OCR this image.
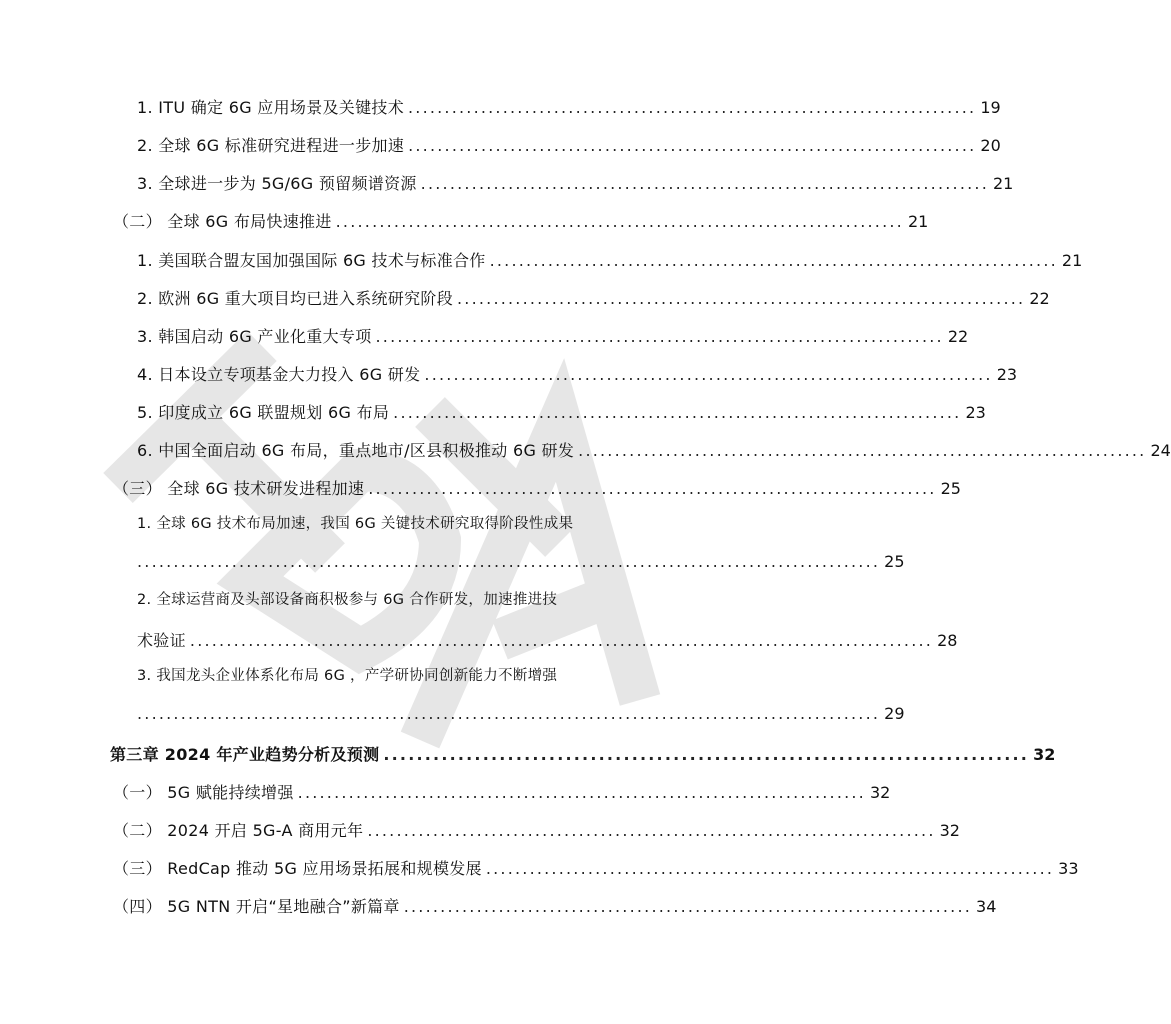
1. ITU 确定 6G 应用场景及关键技术 .............................................................................. 19
2. 全球 6G 标准研究进程进一步加速 .............................................................................. 20
3. 全球进一步为 5G/6G 预留频谱资源 .............................................................................. 21
（二） 全球 6G 布局快速推进 .............................................................................. 21
1. 美国联合盟友国加强国际 6G 技术与标准合作 .............................................................................. 21
2. 欧洲 6G 重大项目均已进入系统研究阶段 .............................................................................. 22
3. 韩国启动 6G 产业化重大专项 .............................................................................. 22
4. 日本设立专项基金大力投入 6G 研发 .............................................................................. 23
5. 印度成立 6G 联盟规划 6G 布局 .............................................................................. 23
6. 中国全面启动 6G 布局，重点地市/区县积极推动 6G 研发 .............................................................................. 24
（三） 全球 6G 技术研发进程加速 .............................................................................. 25
1. 全球 6G 技术布局加速，我国 6G 关键技术研究取得阶段性成果
...................................................................................................... 25
2. 全球运营商及头部设备商积极参与 6G 合作研发，加速推进技
术验证 ...................................................................................................... 28
3. 我国龙头企业体系化布局 6G ，产学研协同创新能力不断增强
...................................................................................................... 29
第三章 2024 年产业趋势分析及预测 .............................................................................. 32
（一） 5G 赋能持续增强 .............................................................................. 32
（二） 2024 开启 5G-A 商用元年 .............................................................................. 32
（三） RedCap 推动 5G 应用场景拓展和规模发展 .............................................................................. 33
（四） 5G NTN 开启“星地融合”新篇章 .............................................................................. 34
